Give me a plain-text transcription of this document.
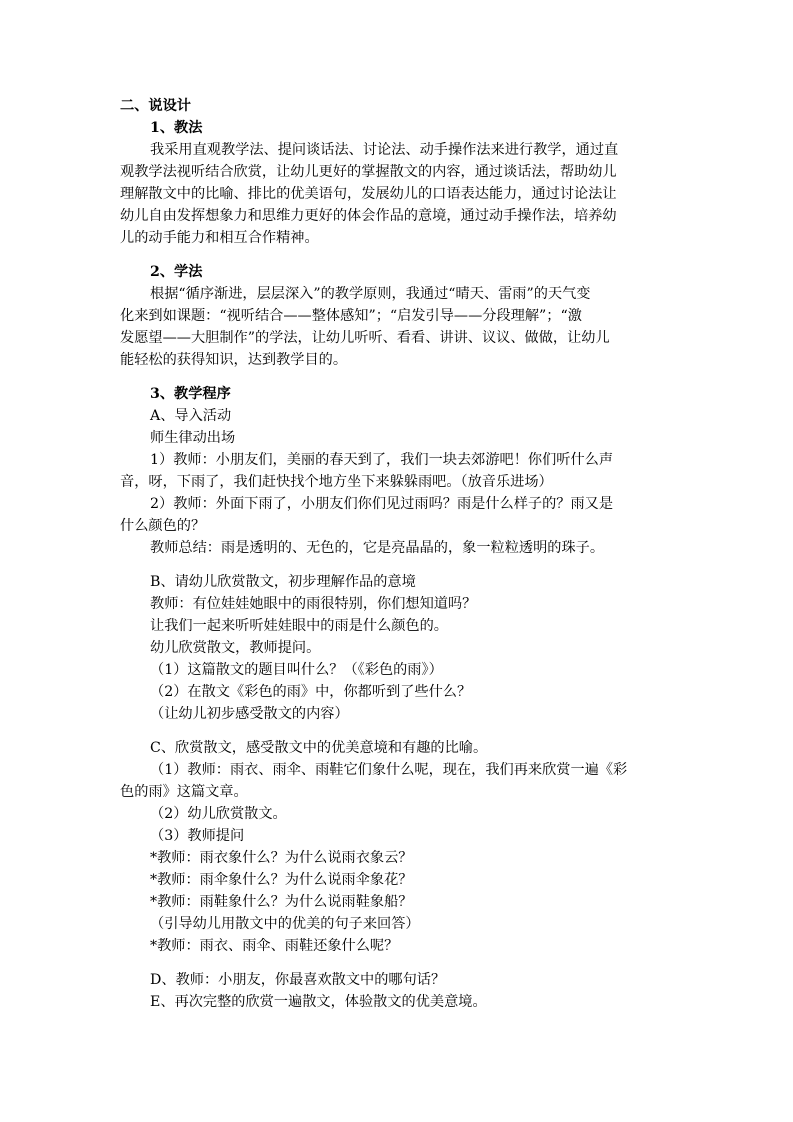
二、说设计
1、教法
我采用直观教学法、提问谈话法、讨论法、动手操作法来进行教学，通过直
观教学法视听结合欣赏，让幼儿更好的掌握散文的内容，通过谈话法，帮助幼儿
理解散文中的比喻、排比的优美语句，发展幼儿的口语表达能力，通过讨论法让
幼儿自由发挥想象力和思维力更好的体会作品的意境，通过动手操作法，培养幼
儿的动手能力和相互合作精神。
2、学法
根据“循序渐进，层层深入”的教学原则，我通过“晴天、雷雨”的天气变
化来到如课题：“视听结合——整体感知”；“启发引导——分段理解”；“激
发愿望——大胆制作”的学法，让幼儿听听、看看、讲讲、议议、做做，让幼儿
能轻松的获得知识，达到教学目的。
3、教学程序
A、导入活动
师生律动出场
1）教师：小朋友们，美丽的春天到了，我们一块去郊游吧！你们听什么声
音，呀，下雨了，我们赶快找个地方坐下来躲躲雨吧。（放音乐进场）
2）教师：外面下雨了，小朋友们你们见过雨吗？雨是什么样子的？雨又是
什么颜色的？
教师总结：雨是透明的、无色的，它是亮晶晶的，象一粒粒透明的珠子。
B、请幼儿欣赏散文，初步理解作品的意境
教师：有位娃娃她眼中的雨很特别，你们想知道吗？
让我们一起来听听娃娃眼中的雨是什么颜色的。
幼儿欣赏散文，教师提问。
（1）这篇散文的题目叫什么？（《彩色的雨》）
（2）在散文《彩色的雨》中，你都听到了些什么？
（让幼儿初步感受散文的内容）
C、欣赏散文，感受散文中的优美意境和有趣的比喻。
（1）教师：雨衣、雨伞、雨鞋它们象什么呢，现在，我们再来欣赏一遍《彩
色的雨》这篇文章。
（2）幼儿欣赏散文。
（3）教师提问
*教师：雨衣象什么？为什么说雨衣象云？
*教师：雨伞象什么？为什么说雨伞象花？
*教师：雨鞋象什么？为什么说雨鞋象船？
（引导幼儿用散文中的优美的句子来回答）
*教师：雨衣、雨伞、雨鞋还象什么呢？
D、教师：小朋友，你最喜欢散文中的哪句话？
E、再次完整的欣赏一遍散文，体验散文的优美意境。
